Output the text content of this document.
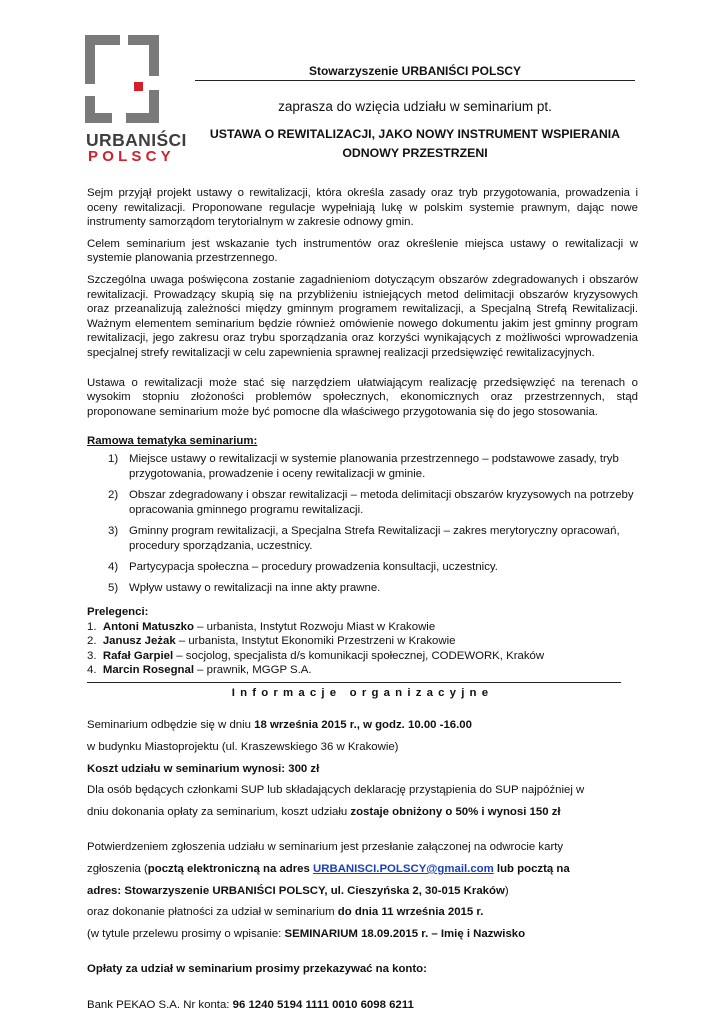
URBANIŚCI
POLSCY
Stowarzyszenie URBANIŚCI POLSCY
zaprasza do wzięcia udziału w seminarium pt.
USTAWA O REWITALIZACJI, JAKO NOWY INSTRUMENT WSPIERANIA
ODNOWY PRZESTRZENI

Sejm przyjął projekt ustawy o rewitalizacji, która określa zasady oraz tryb przygotowania, prowadzenia i oceny rewitalizacji. Proponowane regulacje wypełniają lukę w polskim systemie prawnym, dając nowe instrumenty samorządom terytorialnym w zakresie odnowy gmin.

Celem seminarium jest wskazanie tych instrumentów oraz określenie miejsca ustawy o rewitalizacji w systemie planowania przestrzennego.

Szczególna uwaga poświęcona zostanie zagadnieniom dotyczącym obszarów zdegradowanych i obszarów rewitalizacji. Prowadzący skupią się na przybliżeniu istniejących metod delimitacji obszarów kryzysowych oraz przeanalizują zależności między gminnym programem rewitalizacji, a Specjalną Strefą Rewitalizacji. Ważnym elementem seminarium będzie również omówienie nowego dokumentu jakim jest gminny program rewitalizacji, jego zakresu oraz trybu sporządzania oraz korzyści wynikających z możliwości wprowadzenia specjalnej strefy rewitalizacji w celu zapewnienia sprawnej realizacji przedsięwzięć rewitalizacyjnych.

Ustawa o rewitalizacji może stać się narzędziem ułatwiającym realizację przedsięwzięć na terenach o wysokim stopniu złożoności problemów społecznych, ekonomicznych oraz przestrzennych, stąd proponowane seminarium może być pomocne dla właściwego przygotowania się do jego stosowania.

Ramowa tematyka seminarium:
1) Miejsce ustawy o rewitalizacji w systemie planowania przestrzennego – podstawowe zasady, tryb przygotowania, prowadzenie i oceny rewitalizacji w gminie.
2) Obszar zdegradowany i obszar rewitalizacji – metoda delimitacji obszarów kryzysowych na potrzeby opracowania gminnego programu rewitalizacji.
3) Gminny program rewitalizacji, a Specjalna Strefa Rewitalizacji – zakres merytoryczny opracowań, procedury sporządzania, uczestnicy.
4) Partycypacja społeczna – procedury prowadzenia konsultacji, uczestnicy.
5) Wpływ ustawy o rewitalizacji na inne akty prawne.
Prelegenci:
1. Antoni Matuszko – urbanista, Instytut Rozwoju Miast w Krakowie
2. Janusz Jeżak – urbanista, Instytut Ekonomiki Przestrzeni w Krakowie
3. Rafał Garpiel – socjolog, specjalista d/s komunikacji społecznej, CODEWORK, Kraków
4. Marcin Rosegnal – prawnik, MGGP S.A.
Informacje organizacyjne

Seminarium odbędzie się w dniu 18 września 2015 r., w godz. 10.00 -16.00

w budynku Miastoprojektu (ul. Kraszewskiego 36 w Krakowie)

Koszt udziału w seminarium wynosi: 300 zł

Dla osób będących członkami SUP lub składających deklarację przystąpienia do SUP najpóźniej w

dniu dokonania opłaty za seminarium, koszt udziału zostaje obniżony o 50% i wynosi 150 zł

Potwierdzeniem zgłoszenia udziału w seminarium jest przesłanie załączonej na odwrocie karty

zgłoszenia (pocztą elektroniczną na adres URBANISCI.POLSCY@gmail.com lub pocztą na

adres: Stowarzyszenie URBANIŚCI POLSCY, ul. Cieszyńska 2, 30-015 Kraków)

oraz dokonanie płatności za udział w seminarium do dnia 11 września 2015 r.

(w tytule przelewu prosimy o wpisanie: SEMINARIUM 18.09.2015 r. – Imię i Nazwisko

Opłaty za udział w seminarium prosimy przekazywać na konto:

Bank PEKAO S.A. Nr konta: 96 1240 5194 1111 0010 6098 6211
